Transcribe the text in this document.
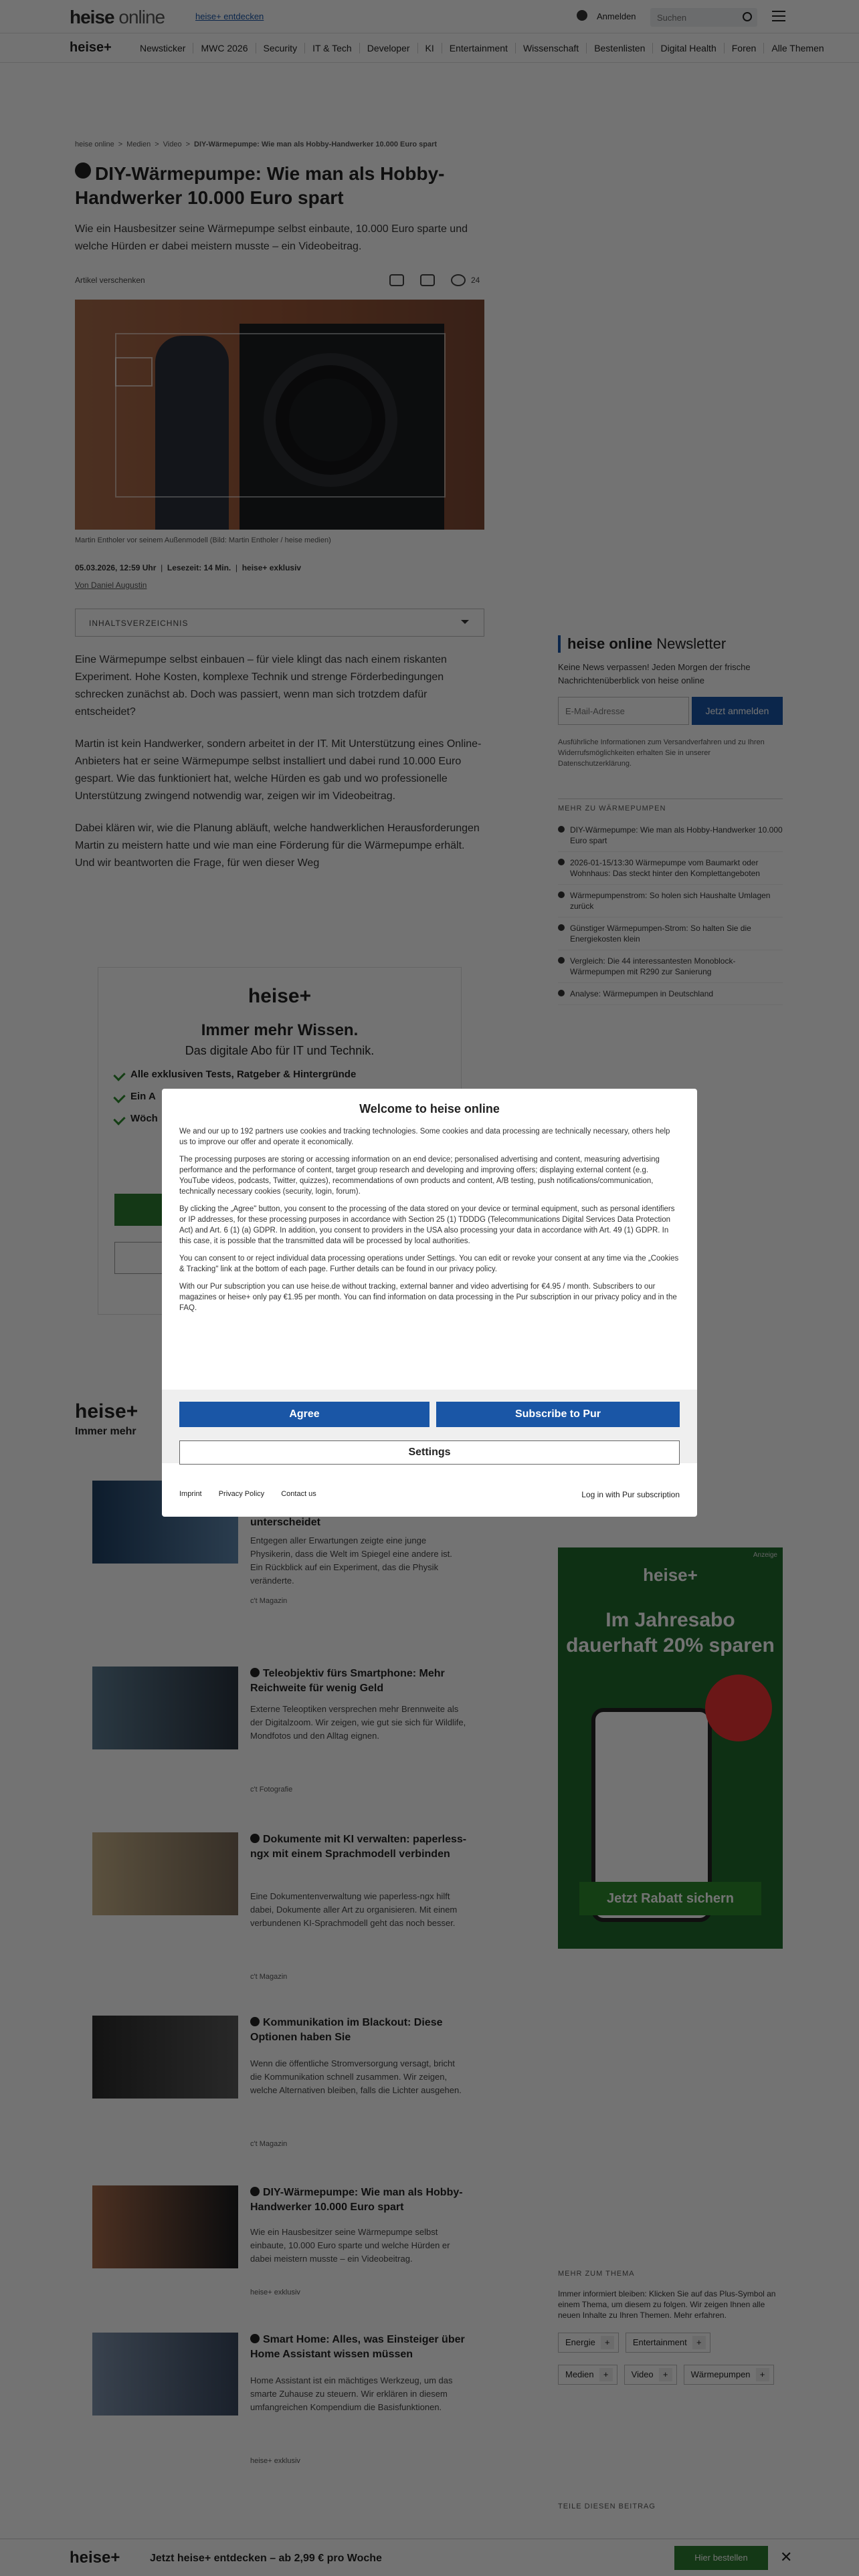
Suchen

E-Mail-Adresse

+++++
Welcome to heise online

We and our up to 192 partners use cookies and tracking technologies. Some cookies and data processing are technically necessary, others help us to improve our offer and operate it economically.

The processing purposes are storing or accessing information on an end device; personalised advertising and content, measuring advertising performance and the performance of content, target group research and developing and improving offers; displaying external content (e.g. YouTube videos, podcasts, Twitter, quizzes), recommendations of own products and content, A/B testing, push notifications/communication, technically necessary cookies (security, login, forum).

By clicking the „Agree" button, you consent to the processing of the data stored on your device or terminal equipment, such as personal identifiers or IP addresses, for these processing purposes in accordance with Section 25 (1) TDDDG (Telecommunications Digital Services Data Protection Act) and Art. 6 (1) (a) GDPR. In addition, you consent to providers in the USA also processing your data in accordance with Art. 49 (1) GDPR. In this case, it is possible that the transmitted data will be processed by local authorities.

You can consent to or reject individual data processing operations under Settings. You can edit or revoke your consent at any time via the „Cookies & Tracking" link at the bottom of each page. Further details can be found in our privacy policy.

With our Pur subscription you can use heise.de without tracking, external banner and video advertising for €4.95 / month. Subscribers to our magazines or heise+ only pay €1.95 per month. You can find information on data processing in the Pur subscription in our privacy policy and in the FAQ.

Agree	Subscribe to Pur
Settings
Imprint Privacy Policy Contact us	Log in with Pur subscription
